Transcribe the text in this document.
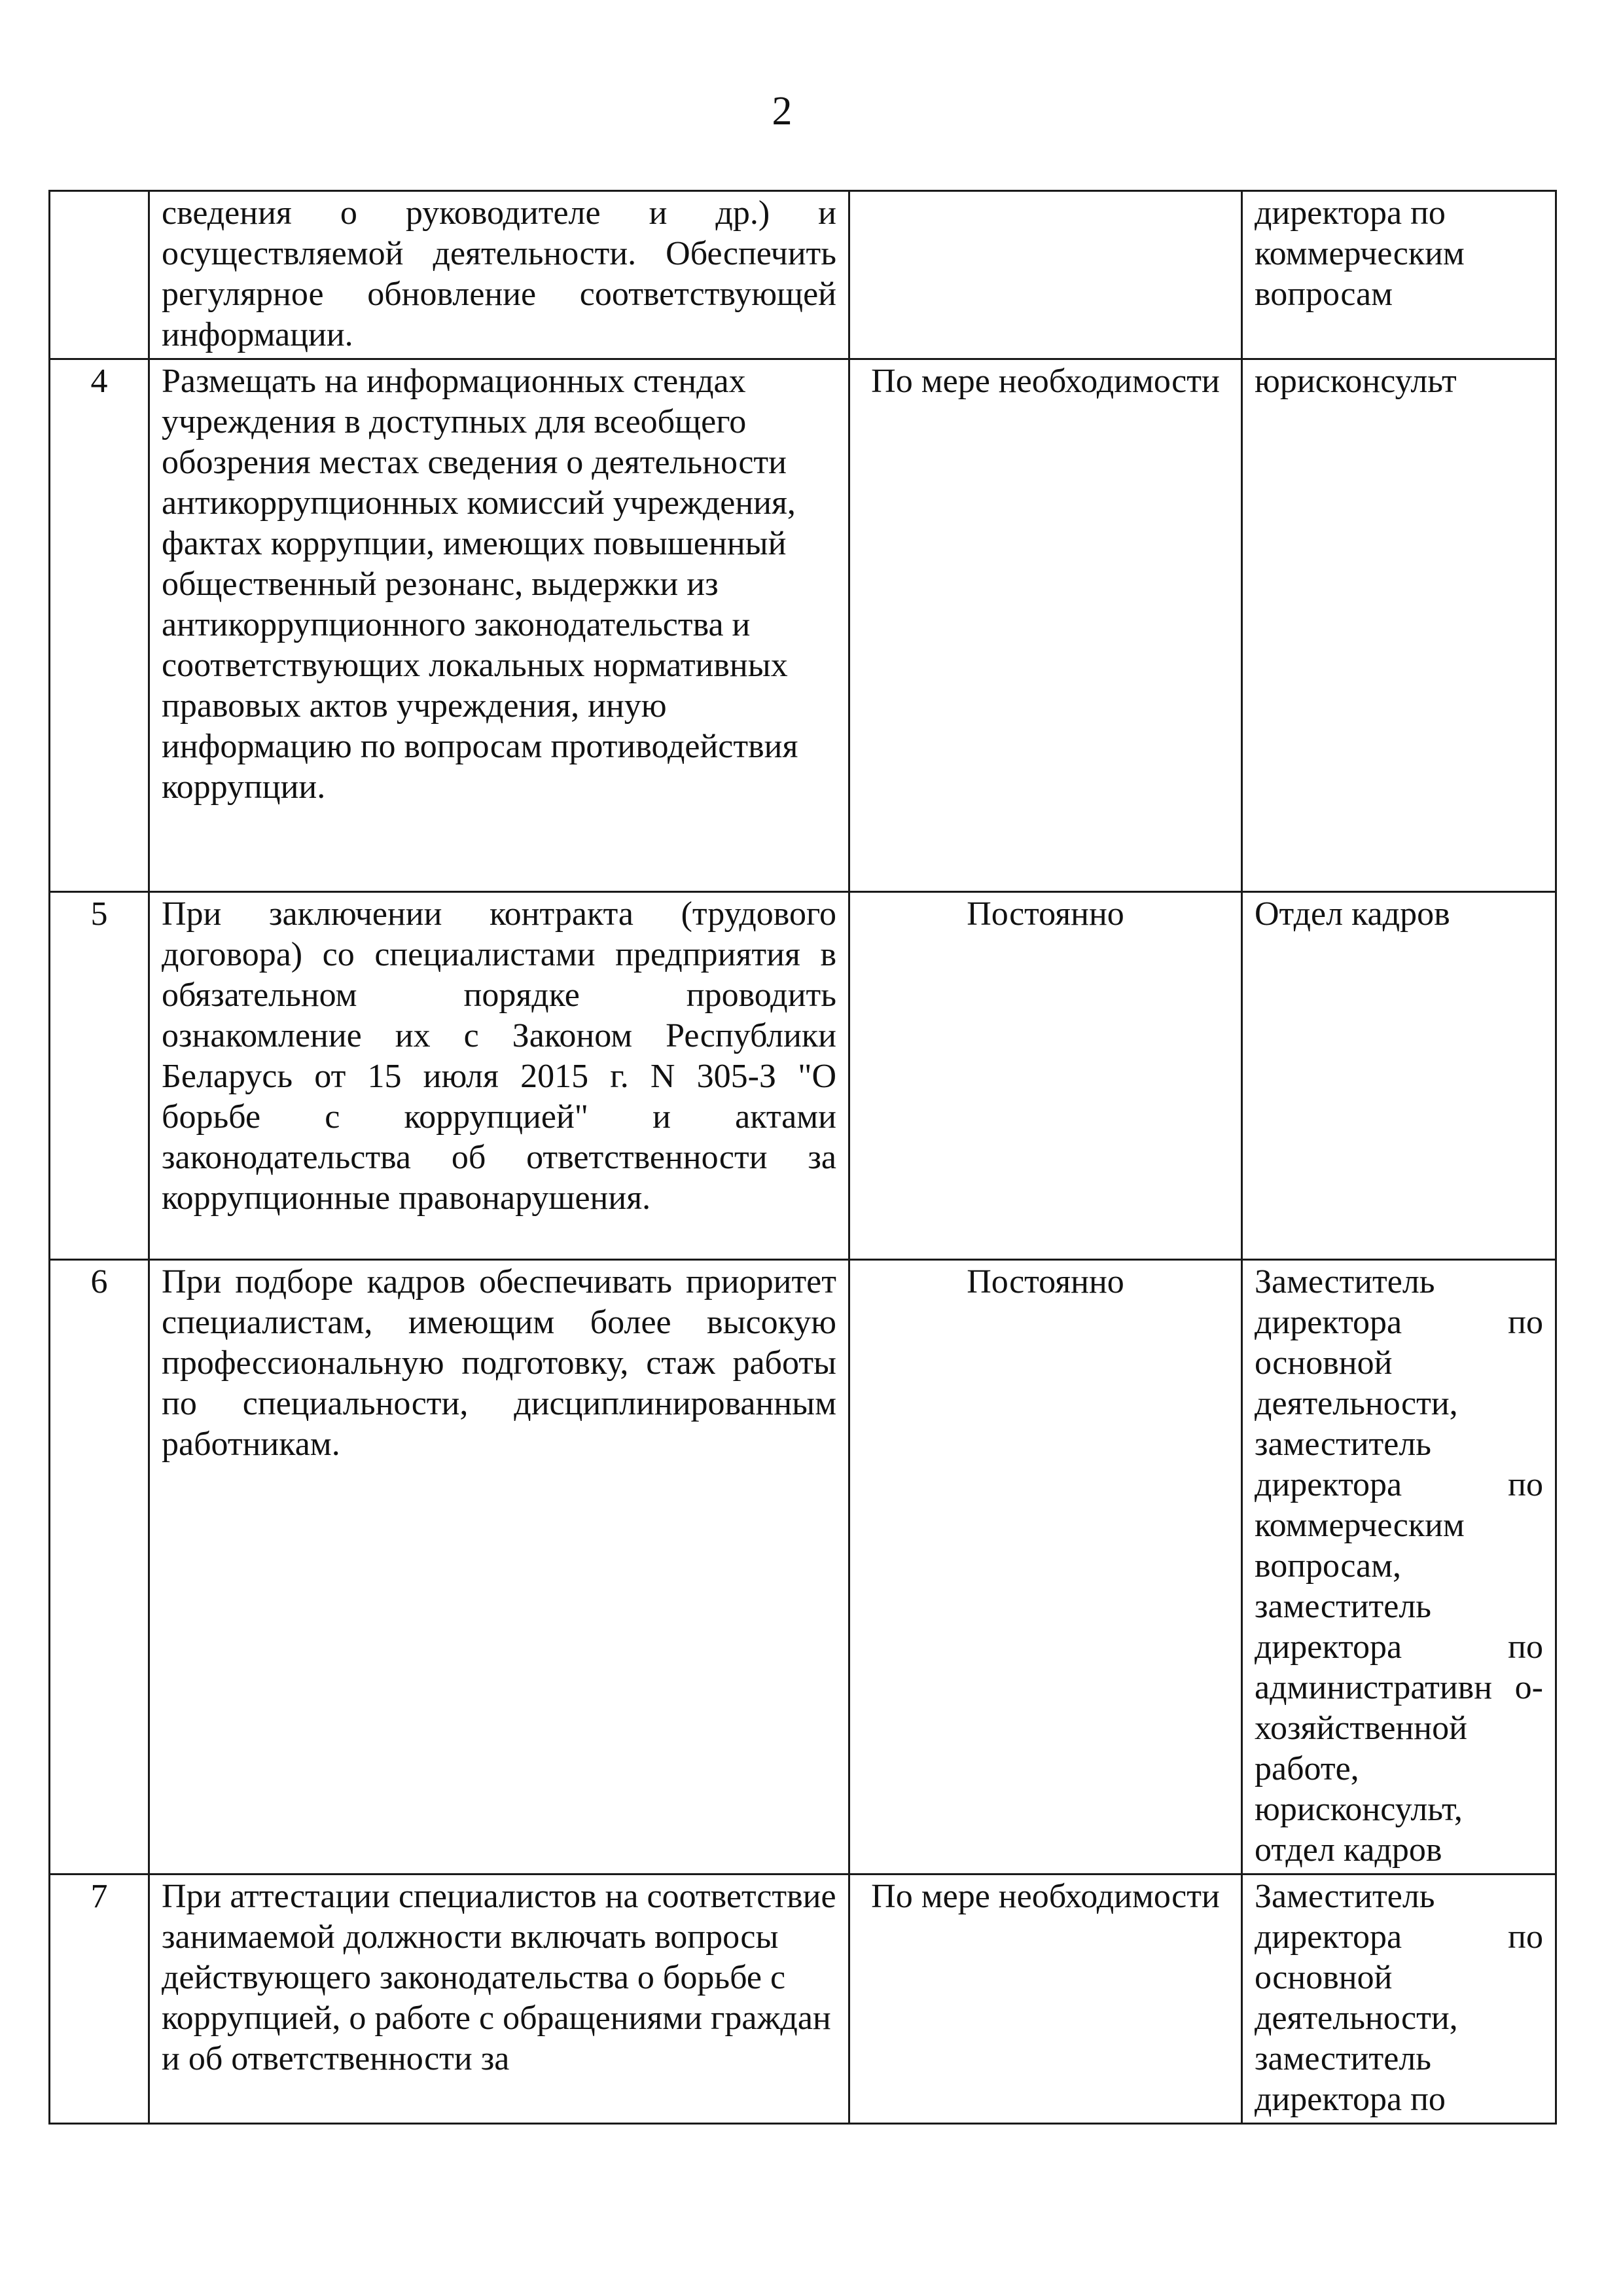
2
	сведения о руководителе и др.) и осуществляемой деятельности. Обеспечить регулярное обновление соответствующей информации.		директора по коммерческим вопросам
4	Размещать на информационных стендах учреждения в доступных для всеобщего обозрения местах сведения о деятельности антикоррупционных комиссий учреждения, фактах коррупции, имеющих повышенный общественный резонанс, выдержки из антикоррупционного законодательства и соответствующих локальных нормативных правовых актов учреждения, иную информацию по вопросам противодействия коррупции.	По мере необходимости	юрисконсульт
5	При заключении контракта (трудового договора) со специалистами предприятия в обязательном порядке проводить ознакомление их с Законом Республики Беларусь от 15 июля 2015 г. N 305-З "О борьбе с коррупцией" и актами законодательства об ответственности за коррупционные правонарушения.	Постоянно	Отдел кадров
6	При подборе кадров обеспечивать приоритет специалистам, имеющим более высокую профессиональную подготовку, стаж работы по специальности, дисциплинированным работникам.	Постоянно	Заместитель директора по основной деятельности, заместитель директора по коммерческим вопросам, заместитель директора по административн о-хозяйственной работе, юрисконсульт, отдел кадров
7	При аттестации специалистов на соответствие занимаемой должности включать вопросы действующего законодательства о борьбе с коррупцией, о работе с обращениями граждан и об ответственности за	По мере необходимости	Заместитель директора по основной деятельности, заместитель директора по
